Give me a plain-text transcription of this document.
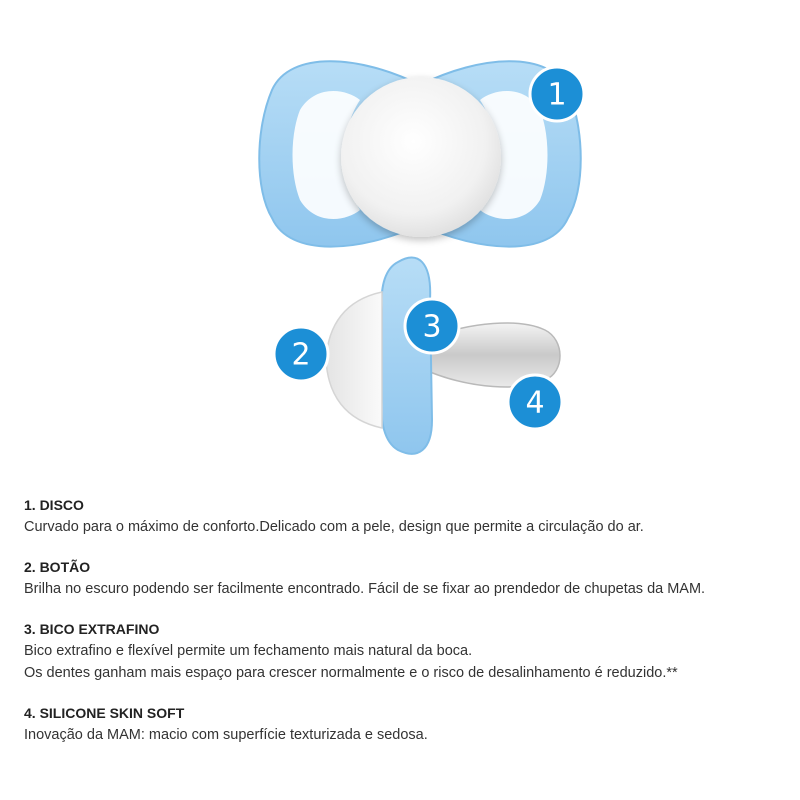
1
2
3
4
1. DISCO
Curvado para o máximo de conforto.Delicado com a pele, design que permite a circulação do ar.
2. BOTÃO
Brilha no escuro podendo ser facilmente encontrado. Fácil de se fixar ao prendedor de chupetas da MAM.
3. BICO EXTRAFINO
Bico extrafino e flexível permite um fechamento mais natural da boca.
Os dentes ganham mais espaço para crescer normalmente e o risco de desalinhamento é reduzido.**
4. SILICONE SKIN SOFT
Inovação da MAM: macio com superfície texturizada e sedosa.
